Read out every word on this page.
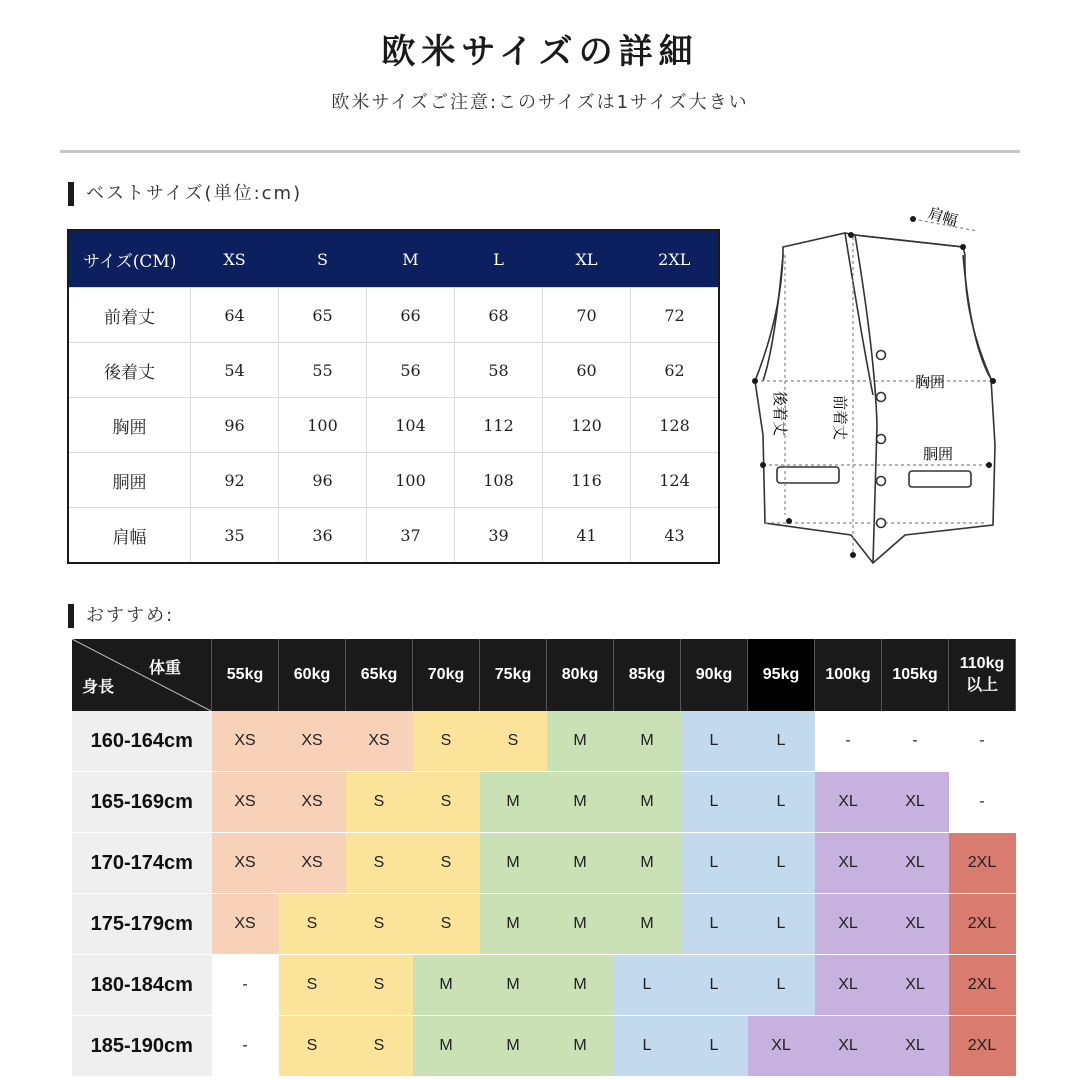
欧米サイズの詳細
欧米サイズご注意:このサイズは1サイズ大きい
ベストサイズ(単位:cm)
サイズ(CM)	XS	S	M	L	XL	2XL
前着丈	64	65	66	68	70	72
後着丈	54	55	56	58	60	62
胸囲	96	100	104	112	120	128
胴囲	92	96	100	108	116	124
肩幅	35	36	37	39	41	43
肩幅
胸囲
胴囲
後着丈	前着丈
おすすめ:
体重
身長	55kg	60kg	65kg	70kg	75kg	80kg	85kg	90kg	95kg	100kg	105kg	110kg
以上
160-164cm	XS	XS	XS	S	S	M	M	L	L	-	-	-
165-169cm	XS	XS	S	S	M	M	M	L	L	XL	XL	-
170-174cm	XS	XS	S	S	M	M	M	L	L	XL	XL	2XL
175-179cm	XS	S	S	S	M	M	M	L	L	XL	XL	2XL
180-184cm	-	S	S	M	M	M	L	L	L	XL	XL	2XL
185-190cm	-	S	S	M	M	M	L	L	XL	XL	XL	2XL
